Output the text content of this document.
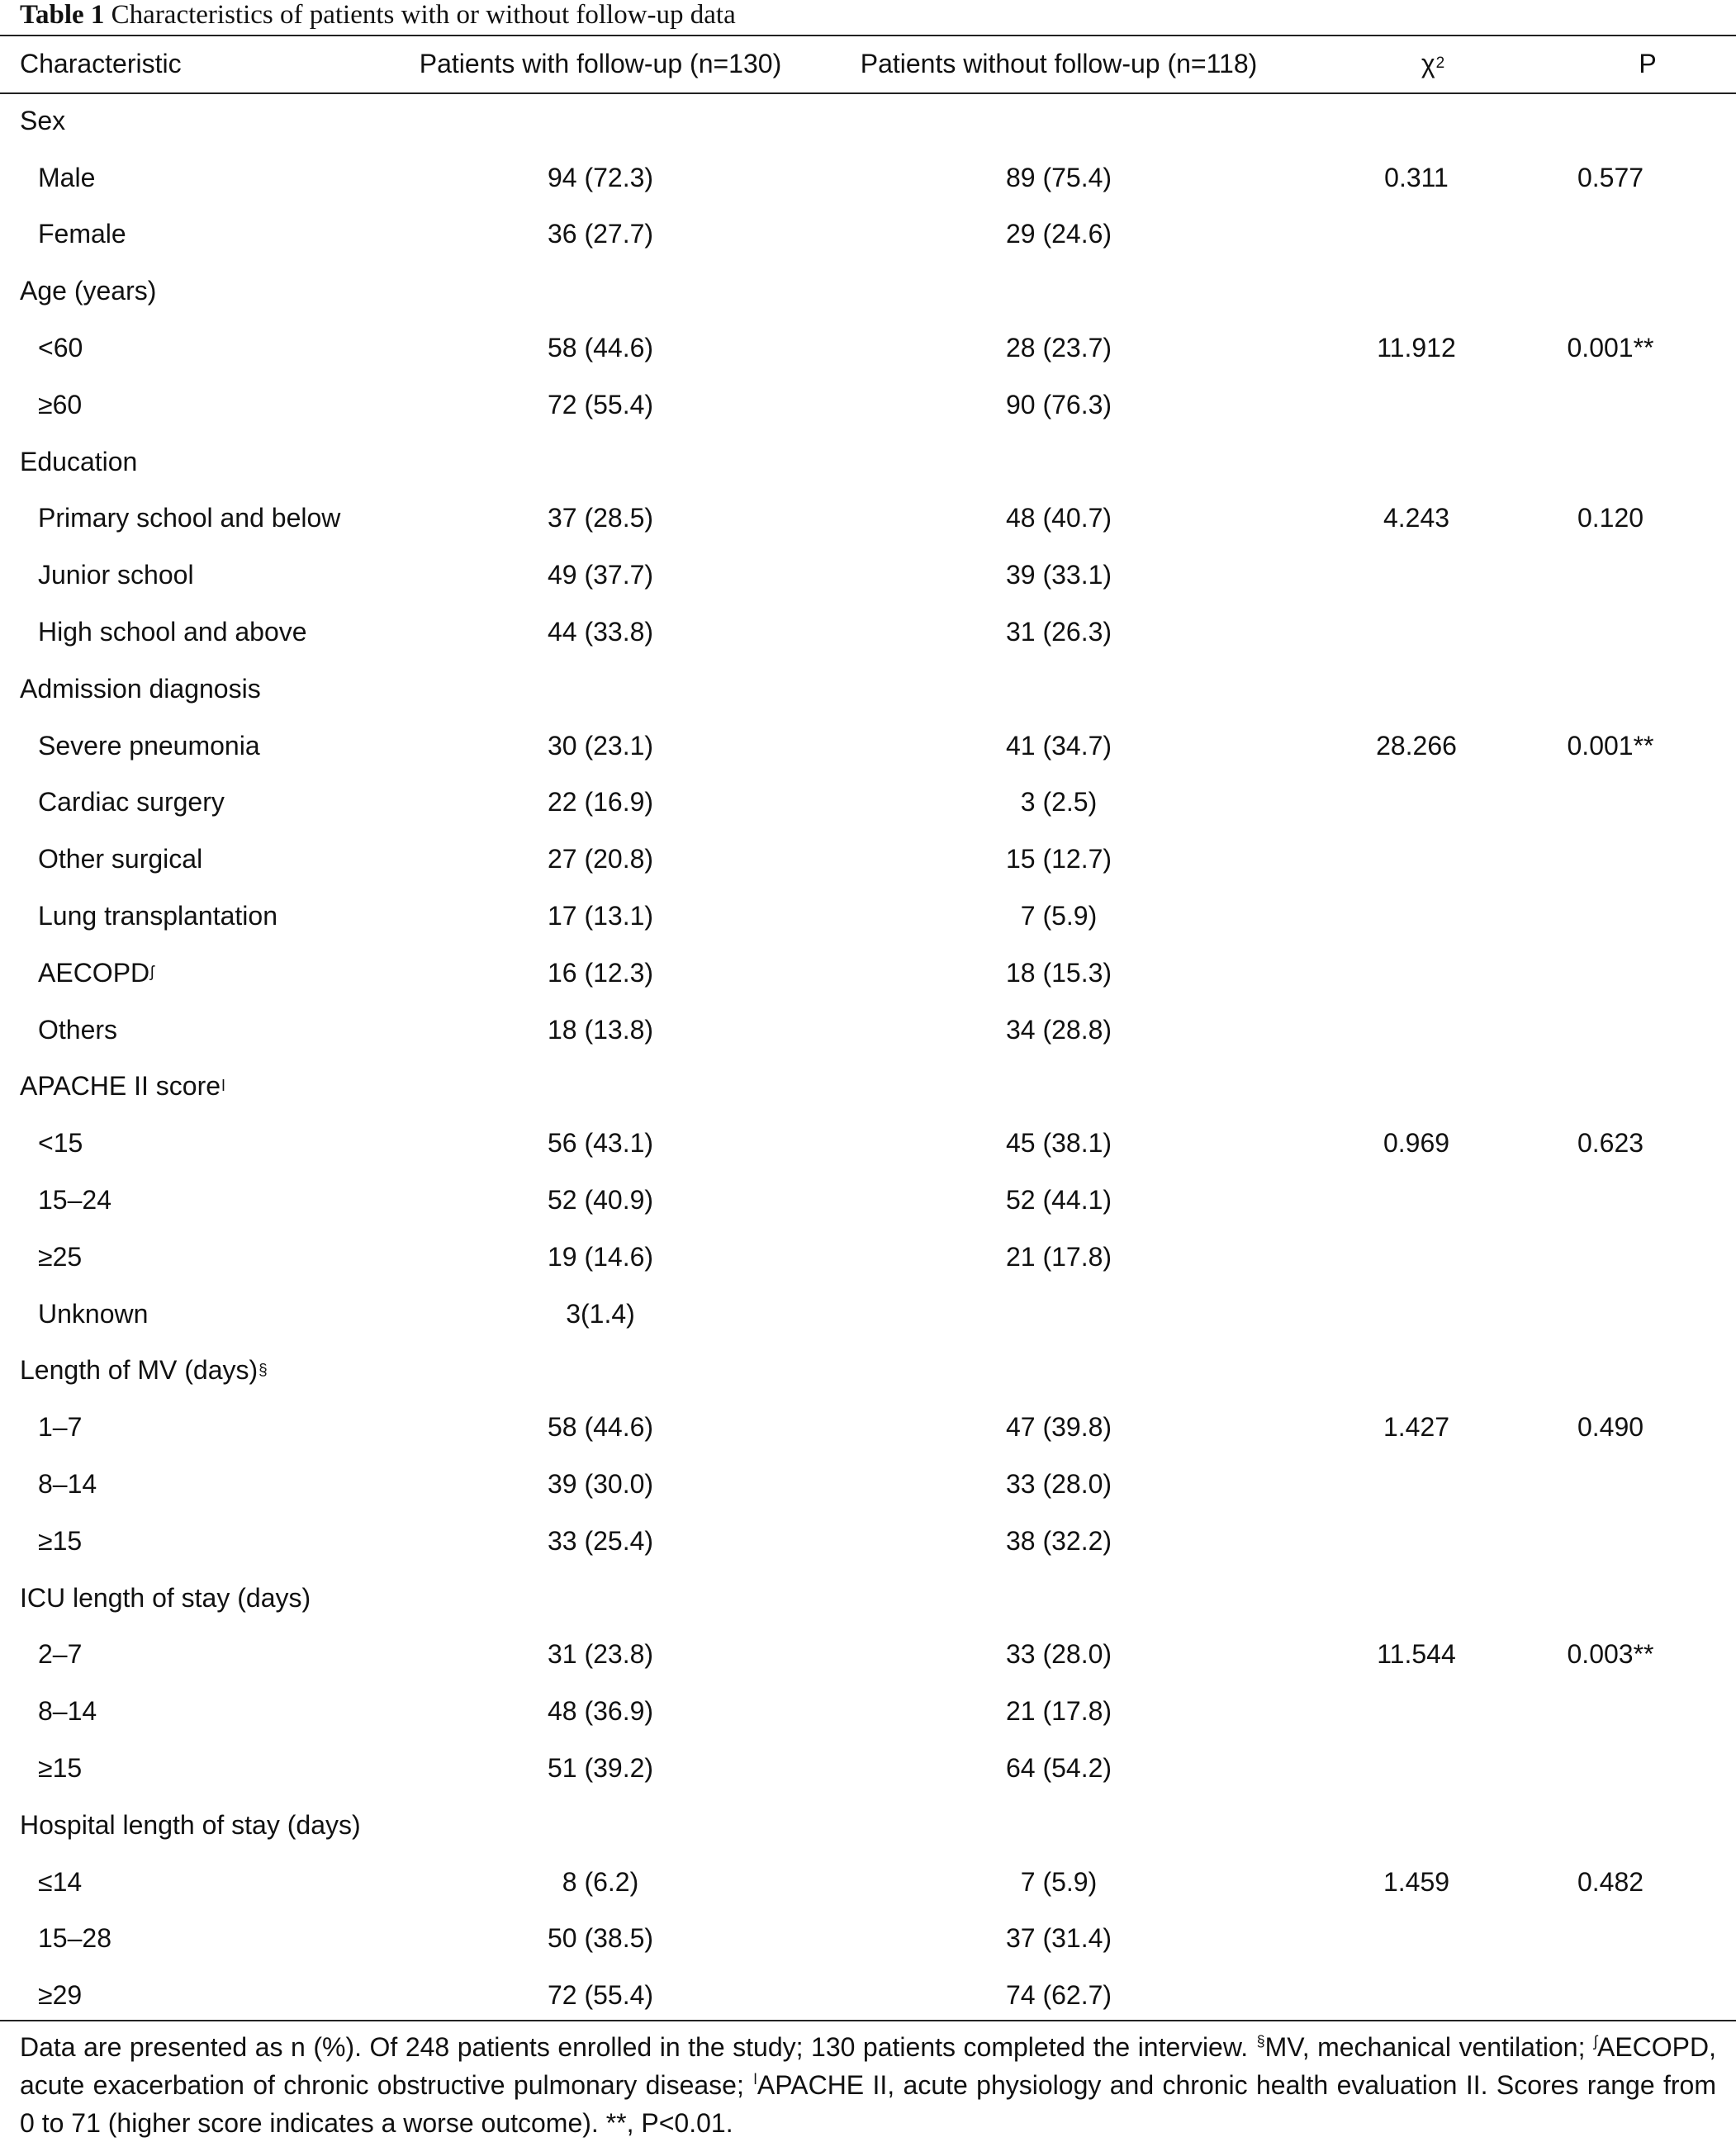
Table 1 Characteristics of patients with or without follow-up data
Characteristic	Patients with follow-up (n=130)	Patients without follow-up (n=118)	χ 2	P
Sex
Male	94 (72.3)	89 (75.4)	0.311	0.577
Female	36 (27.7)	29 (24.6)
Age (years)
<60	58 (44.6)	28 (23.7)	11.912	0.001**
≥60	72 (55.4)	90 (76.3)
Education
Primary school and below	37 (28.5)	48 (40.7)	4.243	0.120
Junior school	49 (37.7)	39 (33.1)
High school and above	44 (33.8)	31 (26.3)
Admission diagnosis
Severe pneumonia	30 (23.1)	41 (34.7)	28.266	0.001**
Cardiac surgery	22 (16.9)	3 (2.5)
Other surgical	27 (20.8)	15 (12.7)
Lung transplantation	17 (13.1)	7 (5.9)
AECOPD ʃ	16 (12.3)	18 (15.3)
Others	18 (13.8)	34 (28.8)
APACHE II score ǀ
<15	56 (43.1)	45 (38.1)	0.969	0.623
15–24	52 (40.9)	52 (44.1)
≥25	19 (14.6)	21 (17.8)
Unknown	3(1.4)
Length of MV (days) §
1–7	58 (44.6)	47 (39.8)	1.427	0.490
8–14	39 (30.0)	33 (28.0)
≥15	33 (25.4)	38 (32.2)
ICU length of stay (days)
2–7	31 (23.8)	33 (28.0)	11.544	0.003**
8–14	48 (36.9)	21 (17.8)
≥15	51 (39.2)	64 (54.2)
Hospital length of stay (days)
≤14	8 (6.2)	7 (5.9)	1.459	0.482
15–28	50 (38.5)	37 (31.4)
≥29	72 (55.4)	74 (62.7)
Data are presented as n (%). Of 248 patients enrolled in the study; 130 patients completed the interview. §MV, mechanical ventilation; $^ʃ$AECOPD, acute exacerbation of chronic obstructive pulmonary disease; $^ǀ$APACHE II, acute physiology and chronic health evaluation II. Scores range from 0 to 71 (higher score indicates a worse outcome). **, P<0.01.
